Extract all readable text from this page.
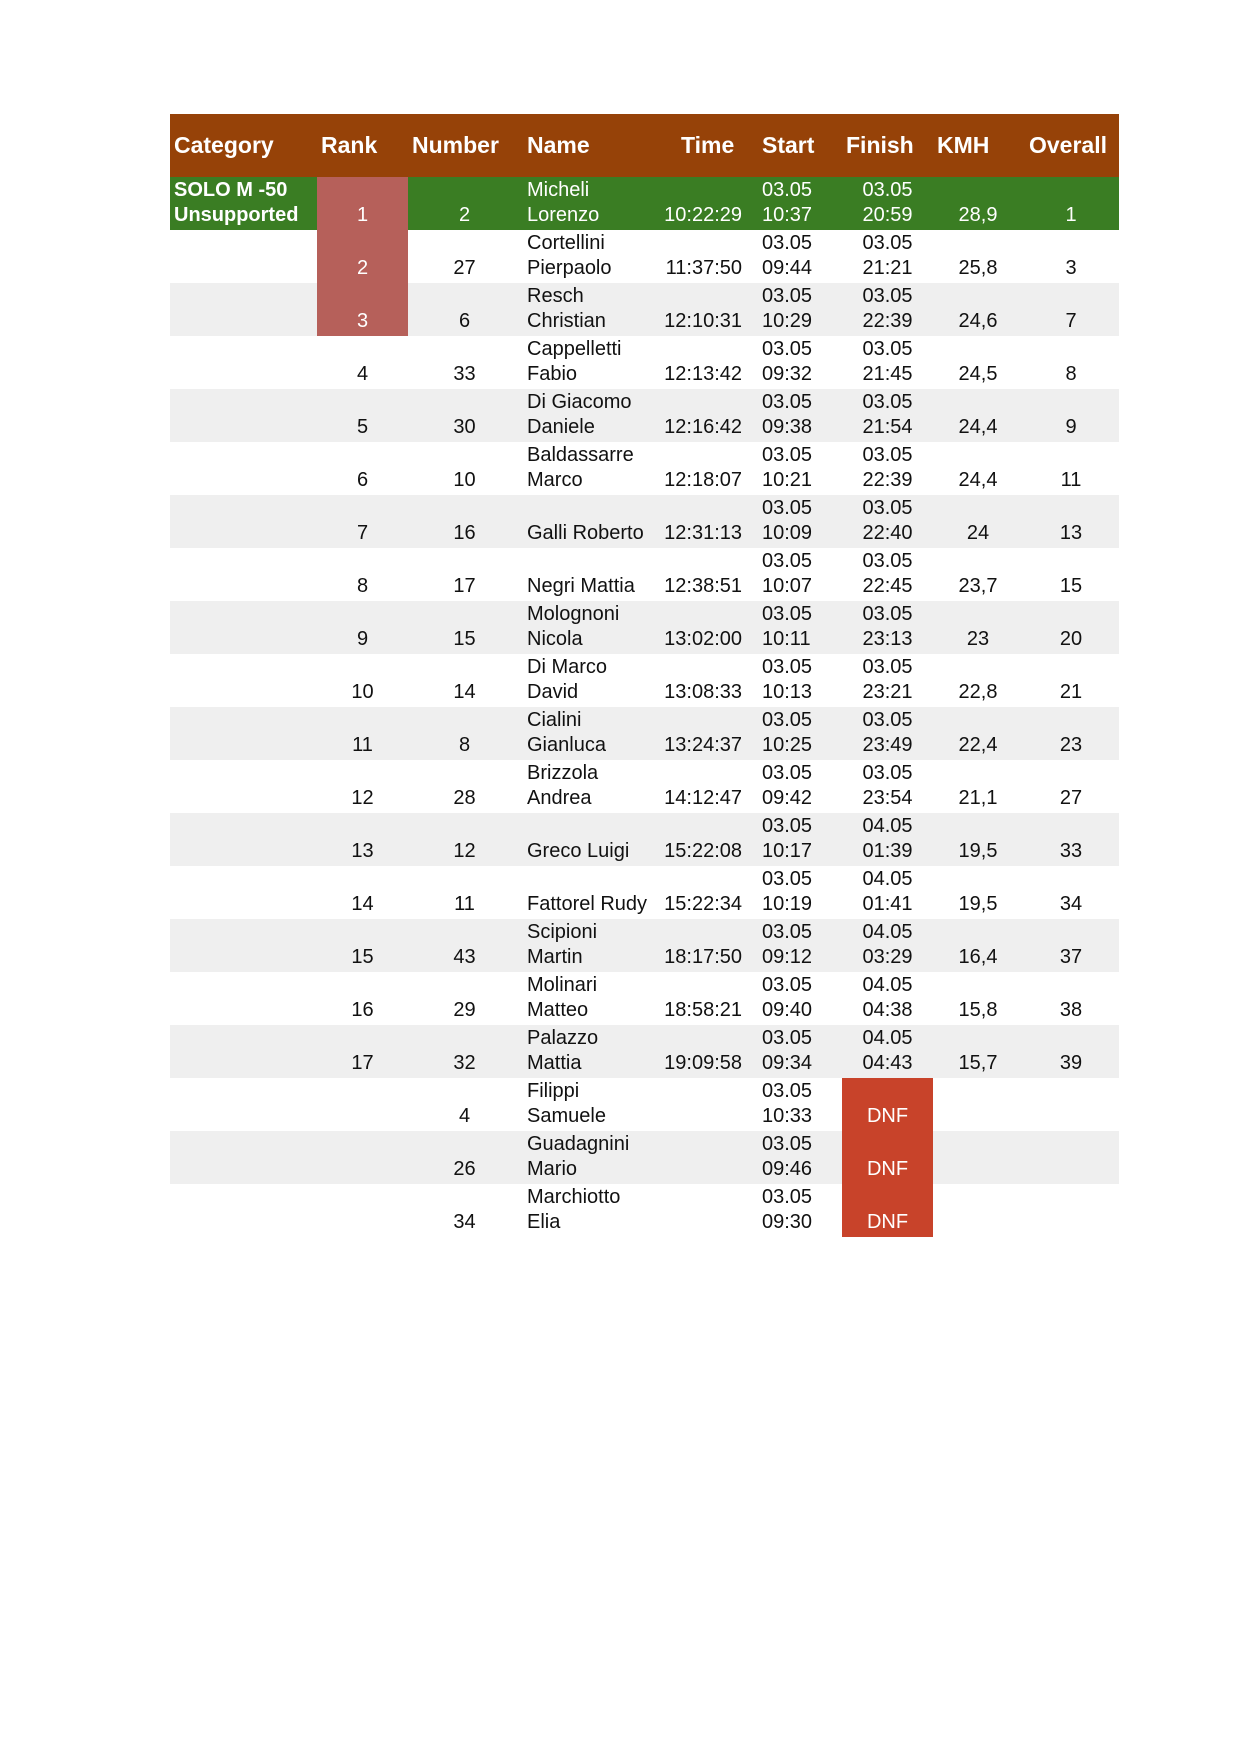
Category	Rank	Number	Name	Time	Start	Finish	KMH	Overall

SOLO M -50
Unsupported	1	2	Micheli
Lorenzo	10:22:29	03.05
10:37	03.05
20:59	28,9	1

	2	27	Cortellini
Pierpaolo	11:37:50	03.05
09:44	03.05
21:21	25,8	3

	3	6	Resch
Christian	12:10:31	03.05
10:29	03.05
22:39	24,6	7

	4	33	Cappelletti
Fabio	12:13:42	03.05
09:32	03.05
21:45	24,5	8

	5	30	Di Giacomo
Daniele	12:16:42	03.05
09:38	03.05
21:54	24,4	9

	6	10	Baldassarre
Marco	12:18:07	03.05
10:21	03.05
22:39	24,4	11

	7	16	Galli Roberto	12:31:13	03.05
10:09	03.05
22:40	24	13

	8	17	Negri Mattia	12:38:51	03.05
10:07	03.05
22:45	23,7	15

	9	15	Molognoni
Nicola	13:02:00	03.05
10:11	03.05
23:13	23	20

	10	14	Di Marco
David	13:08:33	03.05
10:13	03.05
23:21	22,8	21

	11	8	Cialini
Gianluca	13:24:37	03.05
10:25	03.05
23:49	22,4	23

	12	28	Brizzola
Andrea	14:12:47	03.05
09:42	03.05
23:54	21,1	27

	13	12	Greco Luigi	15:22:08	03.05
10:17	04.05
01:39	19,5	33

	14	11	Fattorel Rudy	15:22:34	03.05
10:19	04.05
01:41	19,5	34

	15	43	Scipioni
Martin	18:17:50	03.05
09:12	04.05
03:29	16,4	37

	16	29	Molinari
Matteo	18:58:21	03.05
09:40	04.05
04:38	15,8	38

	17	32	Palazzo
Mattia	19:09:58	03.05
09:34	04.05
04:43	15,7	39

		4	Filippi
Samuele		03.05
10:33	DNF		

		26	Guadagnini
Mario		03.05
09:46	DNF		

		34	Marchiotto
Elia		03.05
09:30	DNF		
